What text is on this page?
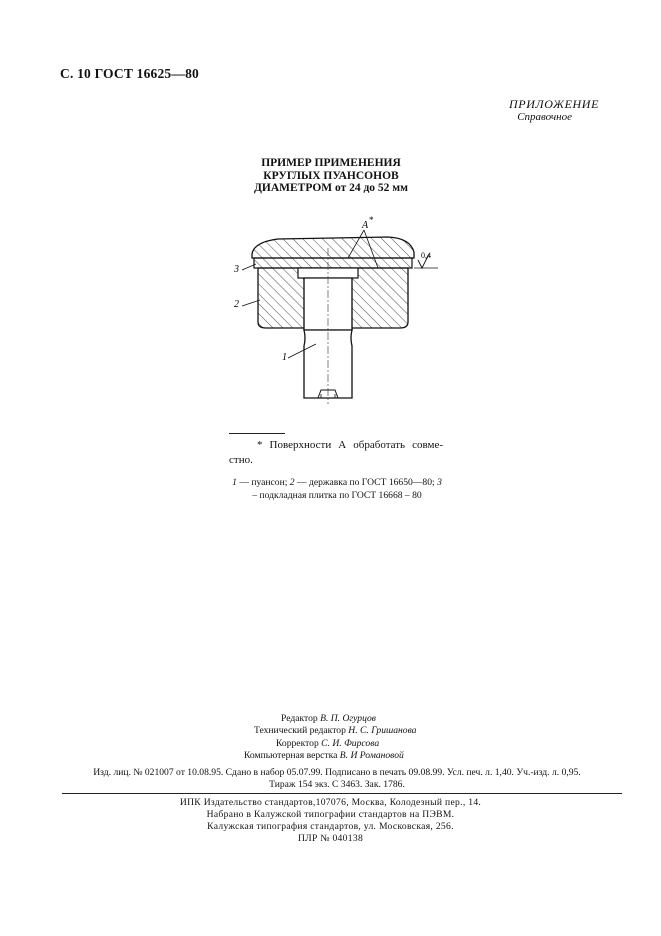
С. 10 ГОСТ 16625—80
ПРИЛОЖЕНИЕ
Справочное
ПРИМЕР ПРИМЕНЕНИЯ
КРУГЛЫХ ПУАНСОНОВ
ДИАМЕТРОМ от 24 до 52 мм
А *
0,4
3
2
1
* Поверхности А обработать совме-стно.
1 — пуансон; 2 — державка по ГОСТ 16650—80; 3 – подкладная плитка по ГОСТ 16668 – 80
Редактор В. П. Огурцов
Технический редактор Н. С. Гришанова
Корректор С. И. Фирсова
Компьютерная верстка В. И Романовой
Изд. лиц. № 021007 от 10.08.95. Сдано в набор 05.07.99. Подписано в печать 09.08.99. Усл. печ. л. 1,40. Уч.-изд. л. 0,95.
Тираж 154 экз. С 3463. Зак. 1786.
ИПК Издательство стандартов,107076, Москва, Колодезный пер., 14.
Набрано в Калужской типографии стандартов на ПЭВМ.
Калужская типография стандартов, ул. Московская, 256.
ПЛР № 040138
